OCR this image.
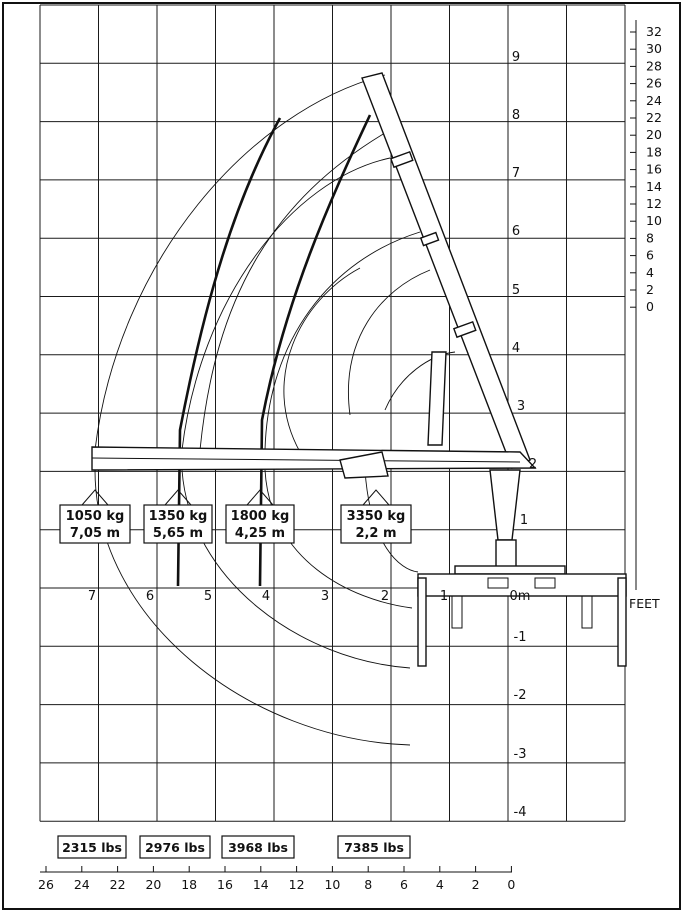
7	6	5	4	3	2	1	0m
9
8
7
6
5
4
3
2
1
-1
-2
-3
-4
32
30
28
26
24
22
20
18
16
14
12
10
8
6
4
2
0
FEET
1050 kg
7,05 m
1350 kg
5,65 m
1800 kg
4,25 m
3350 kg
2,2 m
2315 lbs 2976 lbs 3968 lbs	7385 lbs
26 24 22 20 18 16 14 12 10 8 6 4 2 0
